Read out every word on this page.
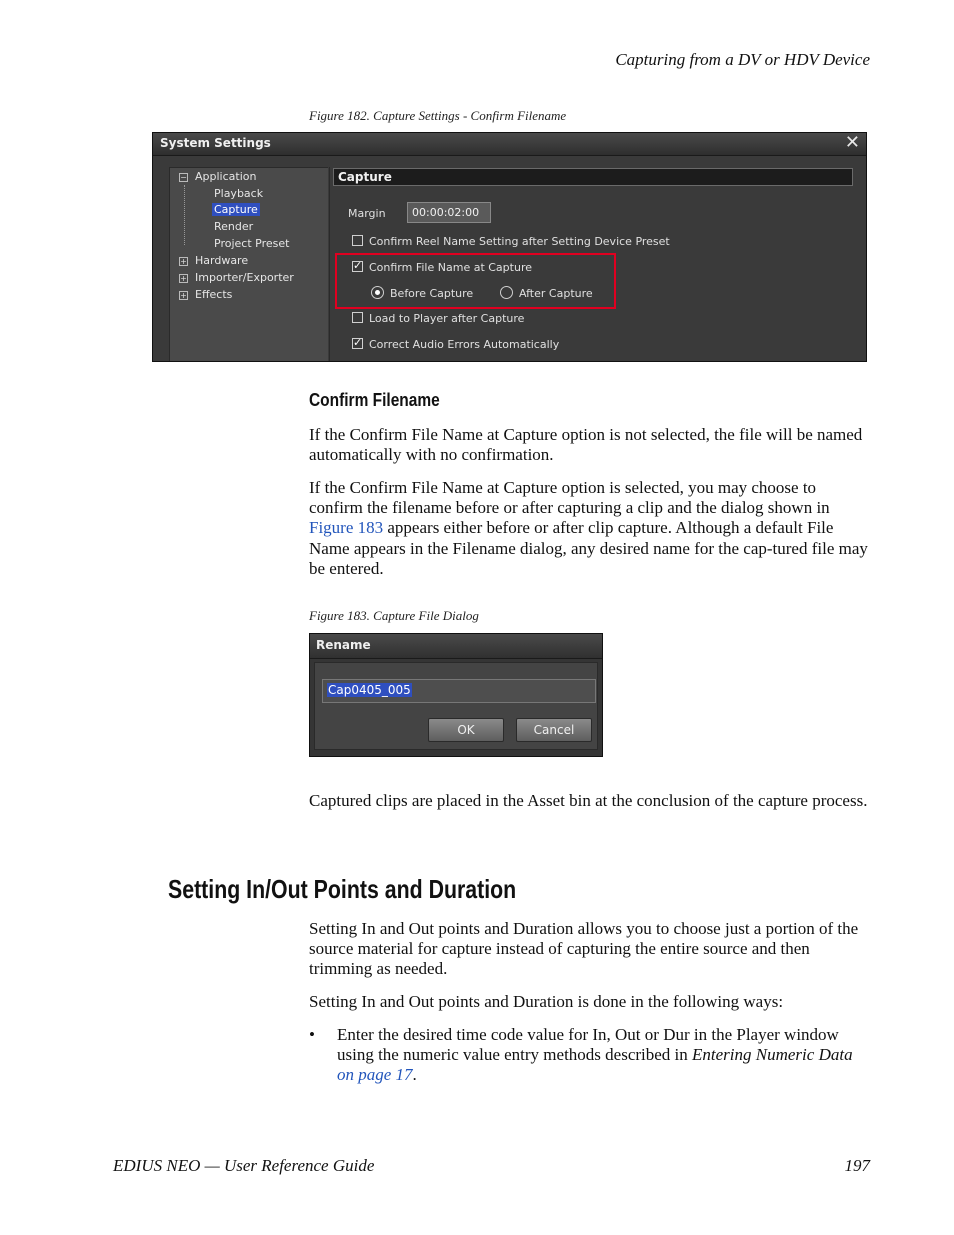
Capturing from a DV or HDV Device
Figure 182. Capture Settings - Confirm Filename
System Settings	✕
− Application
Playback
Capture
Render
Project Preset
+ Hardware
+ Importer/Exporter
+ Effects
Capture
Margin	00:00:02:00
Confirm Reel Name Setting after Setting Device Preset
✓ Confirm File Name at Capture
Before Capture	After Capture
Load to Player after Capture
✓ Correct Audio Errors Automatically
Confirm Filename
If the Confirm File Name at Capture option is not selected, the file will be named automatically with no confirmation.
If the Confirm File Name at Capture option is selected, you may choose to confirm the filename before or after capturing a clip and the dialog shown in Figure 183 appears either before or after clip capture. Although a default File Name appears in the Filename dialog, any desired name for the cap-tured file may be entered.
Figure 183. Capture File Dialog
Rename
Cap0405_005
OK	Cancel
Captured clips are placed in the Asset bin at the conclusion of the capture process.
Setting In/Out Points and Duration
Setting In and Out points and Duration allows you to choose just a portion of the source material for capture instead of capturing the entire source and then trimming as needed.
Setting In and Out points and Duration is done in the following ways:
• Enter the desired time code value for In, Out or Dur in the Player window using the numeric value entry methods described in Entering Numeric Data on page 17.
EDIUS NEO — User Reference Guide	197
